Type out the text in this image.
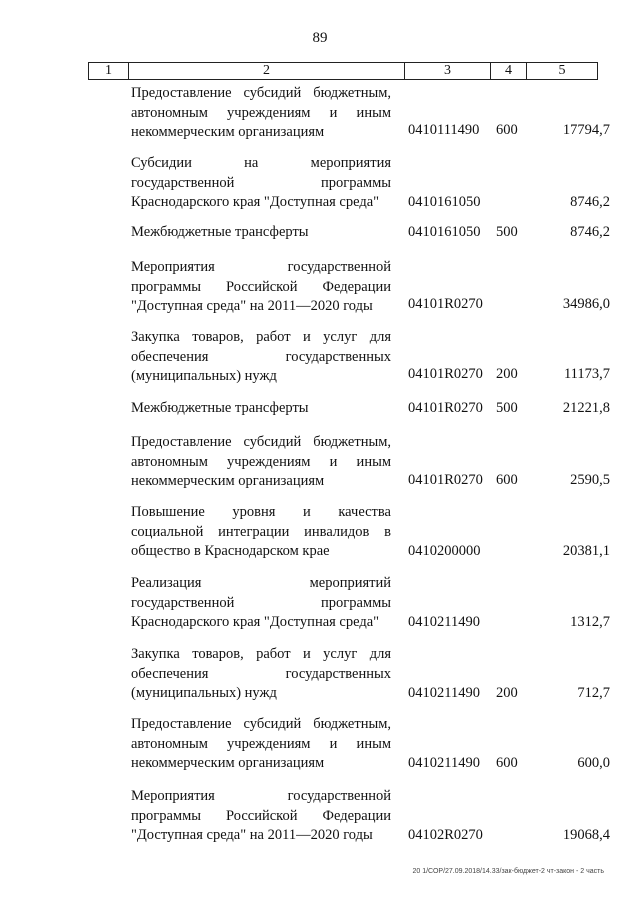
89
1	2	3	4	5
Предоставление субсидий бюджетным, автономным учреждениям и иным некоммерческим организациям	0410111490 600	17794,7
Субсидии на мероприятия государственной программы Краснодарского края "Доступная среда"	0410161050	8746,2
Межбюджетные трансферты	0410161050 500	8746,2
Мероприятия государственной программы Российской Федерации "Доступная среда" на 2011—2020 годы	04101R0270	34986,0
Закупка товаров, работ и услуг для обеспечения государственных (муниципальных) нужд	04101R0270 200	11173,7
Межбюджетные трансферты	04101R0270 500	21221,8
Предоставление субсидий бюджетным, автономным учреждениям и иным некоммерческим организациям	04101R0270 600	2590,5
Повышение уровня и качества социальной интеграции инвалидов в общество в Краснодарском крае	0410200000	20381,1
Реализация мероприятий государственной программы Краснодарского края "Доступная среда"	0410211490	1312,7
Закупка товаров, работ и услуг для обеспечения государственных (муниципальных) нужд	0410211490 200	712,7
Предоставление субсидий бюджетным, автономным учреждениям и иным некоммерческим организациям	0410211490 600	600,0
Мероприятия государственной программы Российской Федерации "Доступная среда" на 2011—2020 годы	04102R0270	19068,4
20 1/СОР/27.09.2018/14.33/зак-бюджет-2 чт-закон - 2 часть
